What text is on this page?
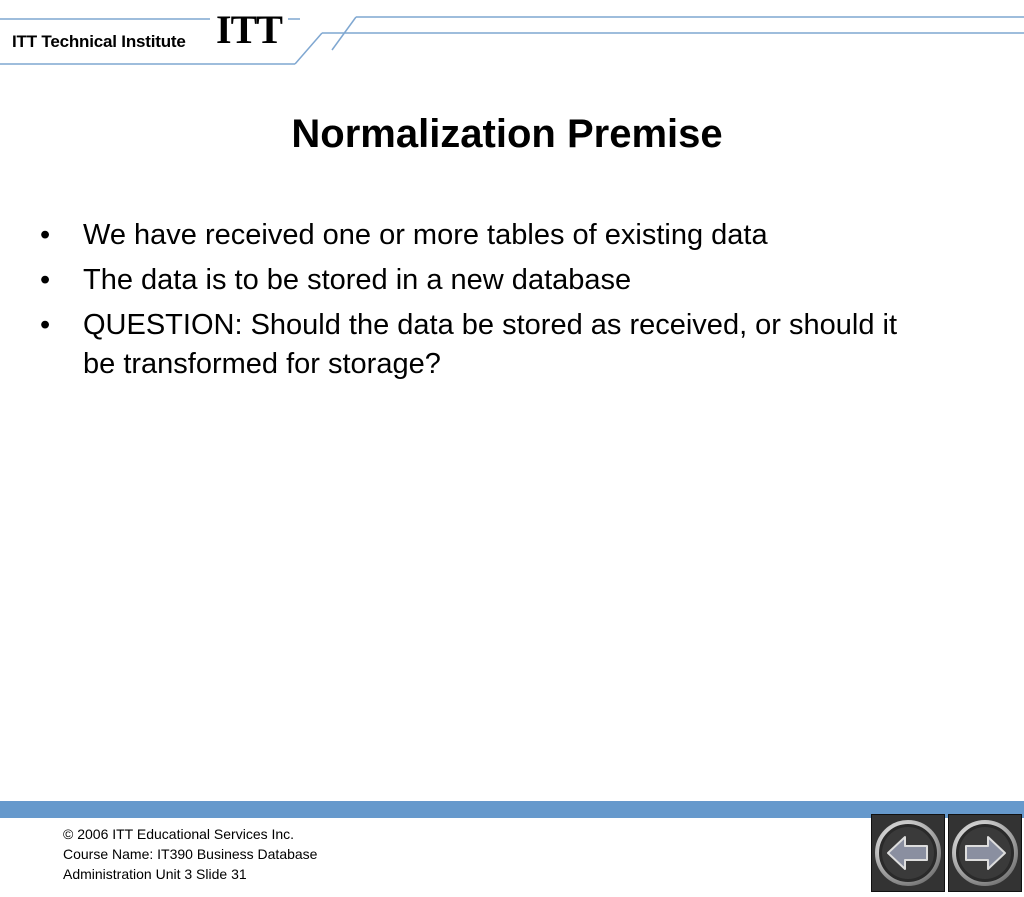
ITT Technical Institute ITT
Normalization Premise
• We have received one or more tables of existing data
• The data is to be stored in a new database
• QUESTION: Should the data be stored as received, or should it be transformed for storage?
© 2006 ITT Educational Services Inc.
Course Name: IT390 Business Database
Administration Unit 3 Slide 31
